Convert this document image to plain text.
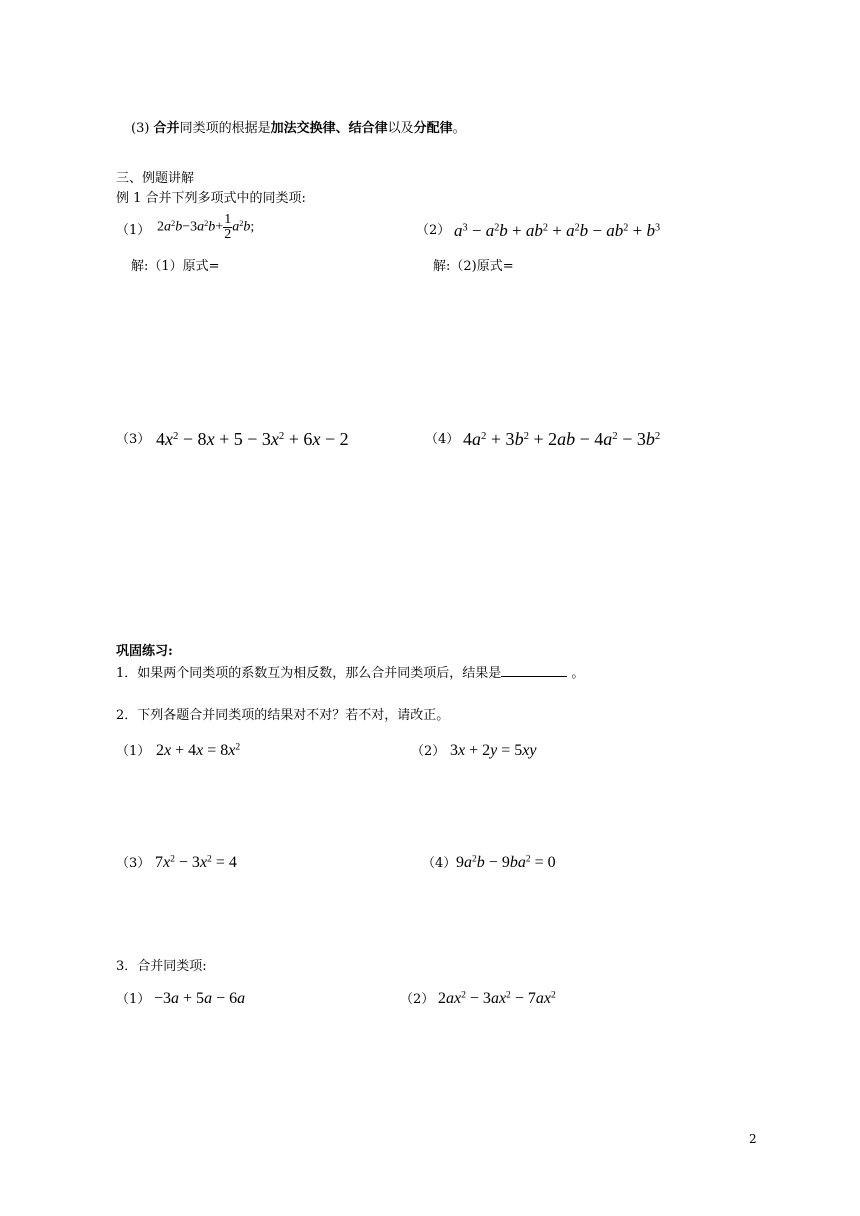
(3) 合并同类项的根据是加法交换律、结合律以及分配律。
三、例题讲解
例 1 合并下列多项式中的同类项:
（1） $2a^2b-3a^2b+ \frac{1}{2} a^2b$;	（2） $a^3 - a^2b + ab^2 + a^2b - ab^2 + b^3$
解:（1）原式=	解:（2)原式=
（3） $4x^2 - 8x + 5 - 3x^2 + 6x - 2$	（4） $4a^2 + 3b^2 + 2ab - 4a^2 - 3b^2$
巩固练习:
1．如果两个同类项的系数互为相反数，那么合并同类项后，结果是	。
2．下列各题合并同类项的结果对不对？若不对，请改正。
（1） $2x + 4x = 8x^2$	（2） 3x + 2y = 5xy
（3） $7x^2 - 3x^2 = 4$	（4） $9a^2b - 9ba^2 = 0$
3．合并同类项:
（1） −3a + 5a − 6a	（2） $2ax^2 - 3ax^2 - 7ax^2$
2
